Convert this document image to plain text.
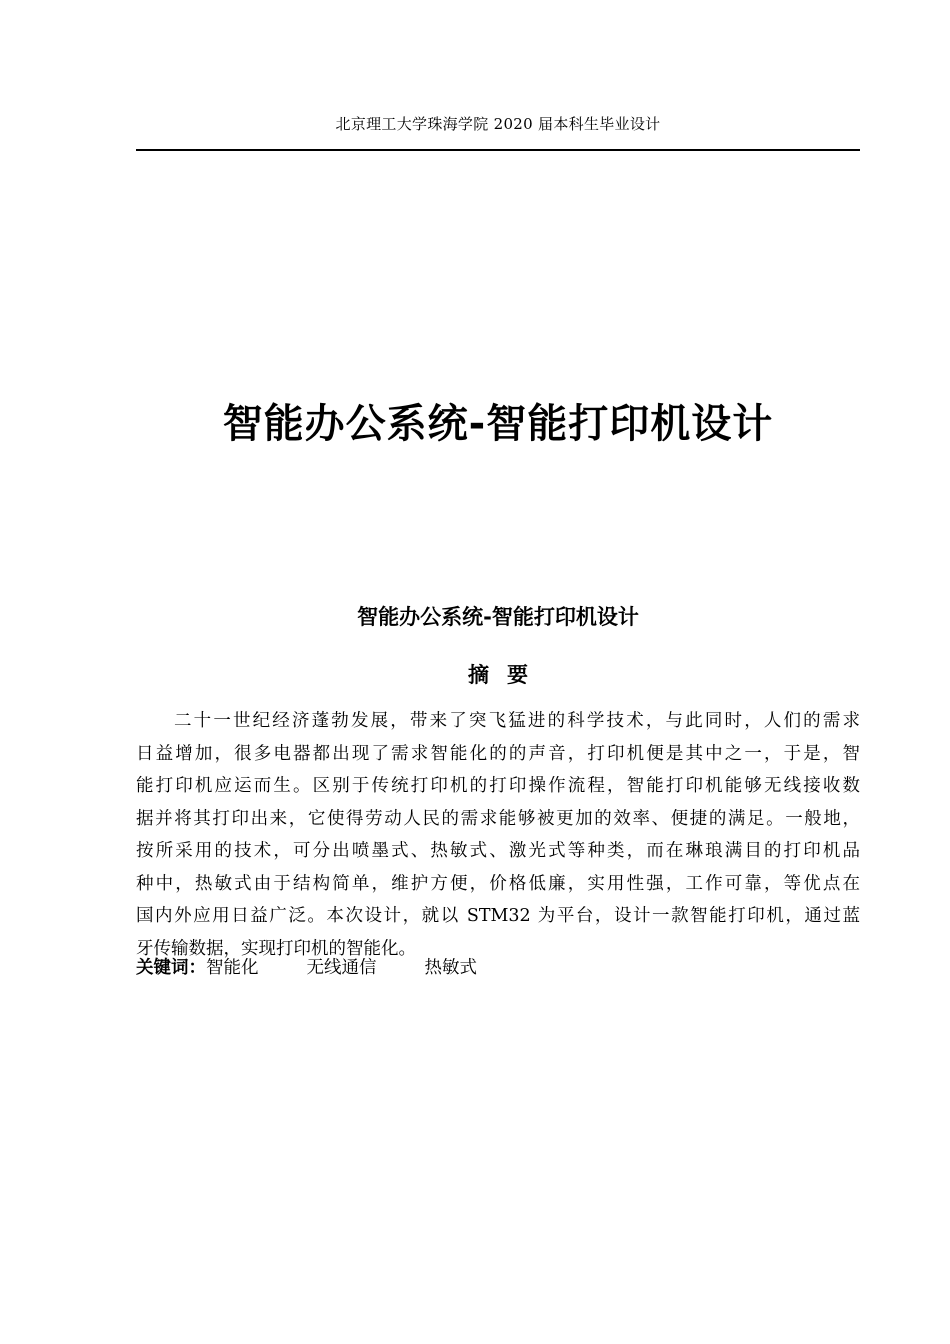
北京理工大学珠海学院 2020 届本科生毕业设计
智能办公系统-智能打印机设计
智能办公系统-智能打印机设计
摘要
二十一世纪经济蓬勃发展，带来了突飞猛进的科学技术，与此同时，人们的需求
日益增加，很多电器都出现了需求智能化的的声音，打印机便是其中之一，于是，智
能打印机应运而生。区别于传统打印机的打印操作流程，智能打印机能够无线接收数
据并将其打印出来，它使得劳动人民的需求能够被更加的效率、便捷的满足。一般地，
按所采用的技术，可分出喷墨式、热敏式、激光式等种类，而在琳琅满目的打印机品
种中，热敏式由于结构简单，维护方便，价格低廉，实用性强，工作可靠，等优点在
国内外应用日益广泛。本次设计，就以 STM32 为平台，设计一款智能打印机，通过蓝
牙传输数据，实现打印机的智能化。
关键词：智能化	无线通信	热敏式
